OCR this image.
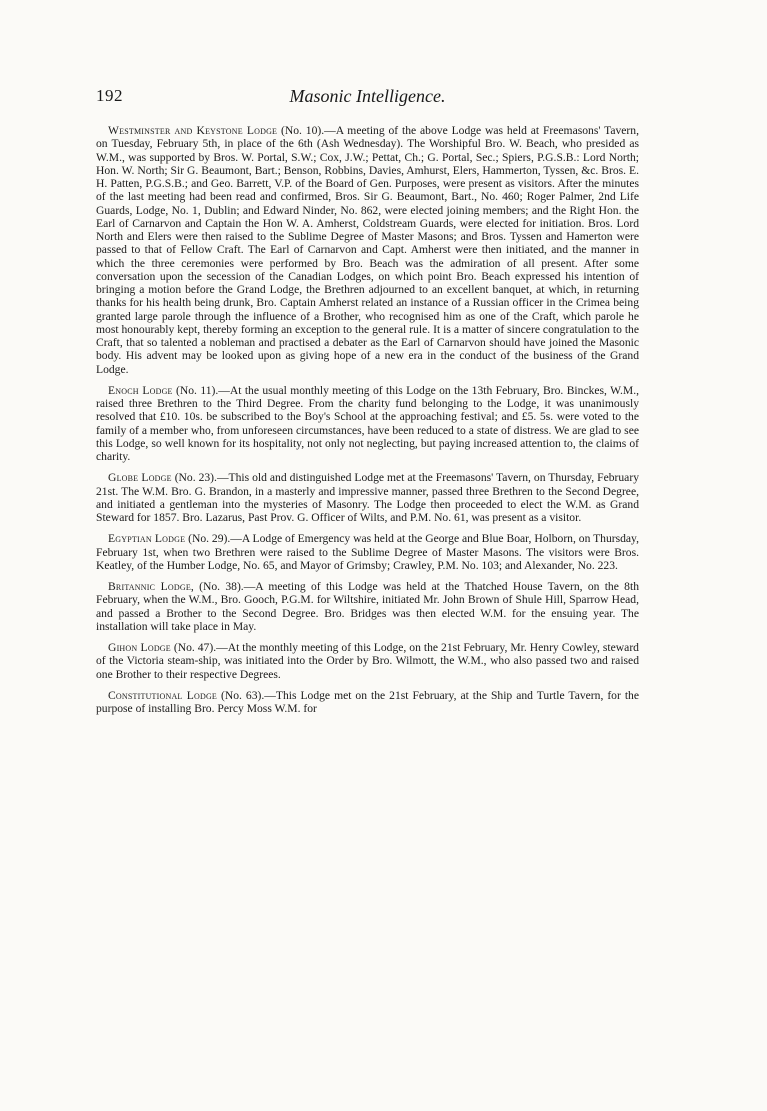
192	Masonic Intelligence.

Westminster and Keystone Lodge (No. 10).—A meeting of the above Lodge was held at Freemasons' Tavern, on Tuesday, February 5th, in place of the 6th (Ash Wednesday). The Worshipful Bro. W. Beach, who presided as W.M., was supported by Bros. W. Portal, S.W.; Cox, J.W.; Pettat, Ch.; G. Portal, Sec.; Spiers, P.G.S.B.: Lord North; Hon. W. North; Sir G. Beaumont, Bart.; Benson, Robbins, Davies, Amhurst, Elers, Hammerton, Tyssen, &c. Bros. E. H. Patten, P.G.S.B.; and Geo. Barrett, V.P. of the Board of Gen. Purposes, were present as visitors. After the minutes of the last meeting had been read and confirmed, Bros. Sir G. Beaumont, Bart., No. 460; Roger Palmer, 2nd Life Guards, Lodge, No. 1, Dublin; and Edward Ninder, No. 862, were elected joining members; and the Right Hon. the Earl of Carnarvon and Captain the Hon W. A. Amherst, Coldstream Guards, were elected for initiation. Bros. Lord North and Elers were then raised to the Sublime Degree of Master Masons; and Bros. Tyssen and Hamerton were passed to that of Fellow Craft. The Earl of Carnarvon and Capt. Amherst were then initiated, and the manner in which the three ceremonies were performed by Bro. Beach was the admiration of all present. After some conversation upon the secession of the Canadian Lodges, on which point Bro. Beach expressed his intention of bringing a motion before the Grand Lodge, the Brethren adjourned to an excellent banquet, at which, in returning thanks for his health being drunk, Bro. Captain Amherst related an instance of a Russian officer in the Crimea being granted large parole through the influence of a Brother, who recognised him as one of the Craft, which parole he most honourably kept, thereby forming an exception to the general rule. It is a matter of sincere congratulation to the Craft, that so talented a nobleman and practised a debater as the Earl of Carnarvon should have joined the Masonic body. His advent may be looked upon as giving hope of a new era in the conduct of the business of the Grand Lodge.

Enoch Lodge (No. 11).—At the usual monthly meeting of this Lodge on the 13th February, Bro. Binckes, W.M., raised three Brethren to the Third Degree. From the charity fund belonging to the Lodge, it was unanimously resolved that £10. 10s. be subscribed to the Boy's School at the approaching festival; and £5. 5s. were voted to the family of a member who, from unforeseen circumstances, have been reduced to a state of distress. We are glad to see this Lodge, so well known for its hospitality, not only not neglecting, but paying increased attention to, the claims of charity.

Globe Lodge (No. 23).—This old and distinguished Lodge met at the Freemasons' Tavern, on Thursday, February 21st. The W.M. Bro. G. Brandon, in a masterly and impressive manner, passed three Brethren to the Second Degree, and initiated a gentleman into the mysteries of Masonry. The Lodge then proceeded to elect the W.M. as Grand Steward for 1857. Bro. Lazarus, Past Prov. G. Officer of Wilts, and P.M. No. 61, was present as a visitor.

Egyptian Lodge (No. 29).—A Lodge of Emergency was held at the George and Blue Boar, Holborn, on Thursday, February 1st, when two Brethren were raised to the Sublime Degree of Master Masons. The visitors were Bros. Keatley, of the Humber Lodge, No. 65, and Mayor of Grimsby; Crawley, P.M. No. 103; and Alexander, No. 223.

Britannic Lodge, (No. 38).—A meeting of this Lodge was held at the Thatched House Tavern, on the 8th February, when the W.M., Bro. Gooch, P.G.M. for Wiltshire, initiated Mr. John Brown of Shule Hill, Sparrow Head, and passed a Brother to the Second Degree. Bro. Bridges was then elected W.M. for the ensuing year. The installation will take place in May.

Gihon Lodge (No. 47).—At the monthly meeting of this Lodge, on the 21st February, Mr. Henry Cowley, steward of the Victoria steam-ship, was initiated into the Order by Bro. Wilmott, the W.M., who also passed two and raised one Brother to their respective Degrees.

Constitutional Lodge (No. 63).—This Lodge met on the 21st February, at the Ship and Turtle Tavern, for the purpose of installing Bro. Percy Moss W.M. for
